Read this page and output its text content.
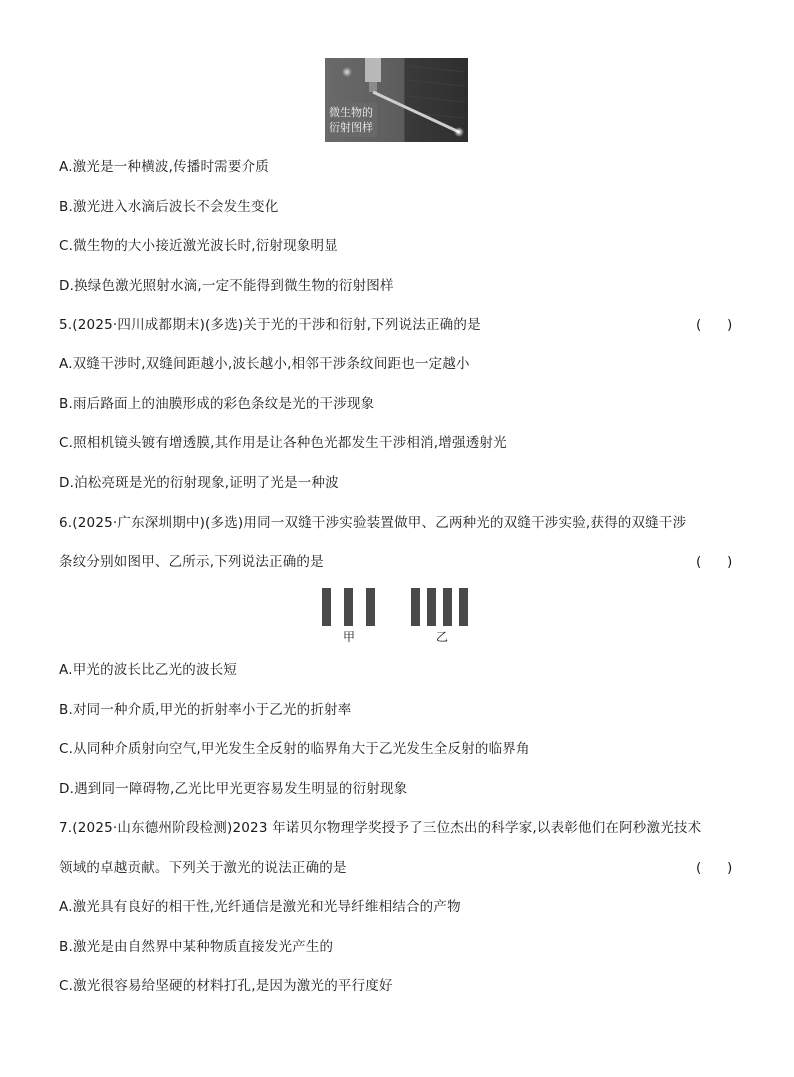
微生物的
衍射图样
A.激光是一种横波,传播时需要介质
B.激光进入水滴后波长不会发生变化
C.微生物的大小接近激光波长时,衍射现象明显
D.换绿色激光照射水滴,一定不能得到微生物的衍射图样
5.(2025·四川成都期末)(多选)关于光的干涉和衍射,下列说法正确的是	(      )
A.双缝干涉时,双缝间距越小,波长越小,相邻干涉条纹间距也一定越小
B.雨后路面上的油膜形成的彩色条纹是光的干涉现象
C.照相机镜头镀有增透膜,其作用是让各种色光都发生干涉相消,增强透射光
D.泊松亮斑是光的衍射现象,证明了光是一种波
6.(2025·广东深圳期中)(多选)用同一双缝干涉实验装置做甲、乙两种光的双缝干涉实验,获得的双缝干涉
条纹分别如图甲、乙所示,下列说法正确的是	(      )
甲	乙
A.甲光的波长比乙光的波长短
B.对同一种介质,甲光的折射率小于乙光的折射率
C.从同种介质射向空气,甲光发生全反射的临界角大于乙光发生全反射的临界角
D.遇到同一障碍物,乙光比甲光更容易发生明显的衍射现象
7.(2025·山东德州阶段检测)2023 年诺贝尔物理学奖授予了三位杰出的科学家,以表彰他们在阿秒激光技术
领域的卓越贡献。下列关于激光的说法正确的是	(      )
A.激光具有良好的相干性,光纤通信是激光和光导纤维相结合的产物
B.激光是由自然界中某种物质直接发光产生的
C.激光很容易给坚硬的材料打孔,是因为激光的平行度好
